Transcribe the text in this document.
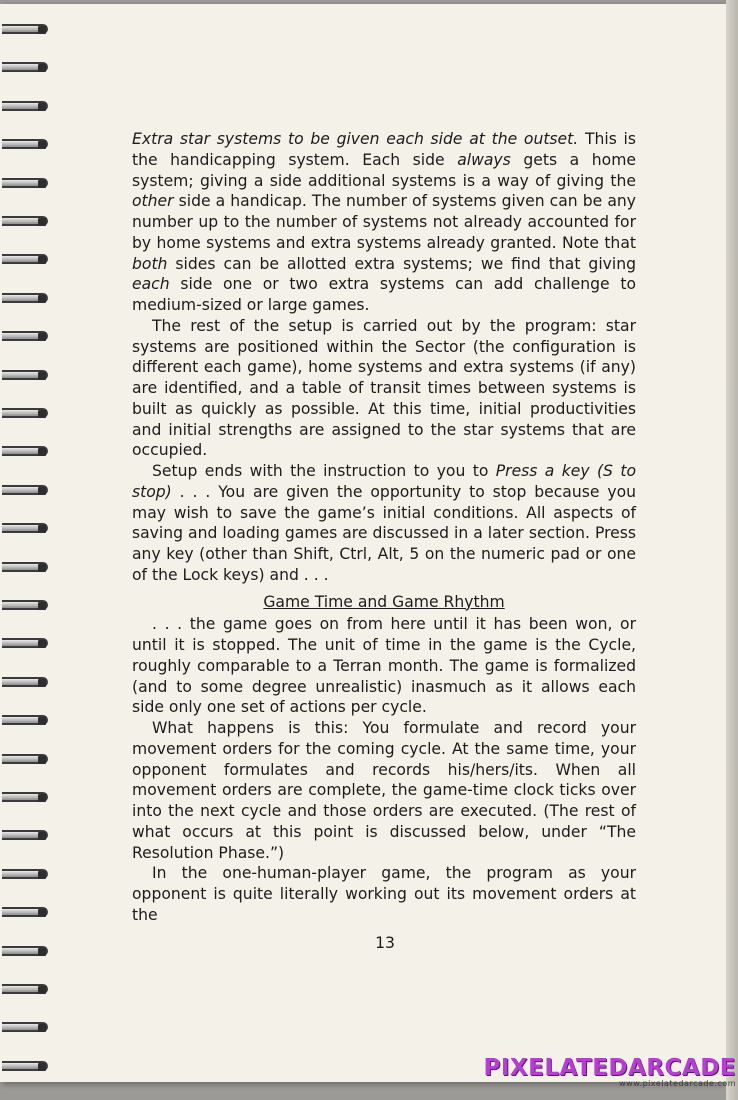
Extra star systems to be given each side at the outset. This is the handicapping system. Each side always gets a home system; giving a side additional systems is a way of giving the other side a handicap. The number of systems given can be any number up to the number of systems not already accounted for by home systems and extra systems already granted. Note that both sides can be allotted extra systems; we find that giving each side one or two extra systems can add challenge to medium-sized or large games.

The rest of the setup is carried out by the program: star systems are positioned within the Sector (the configuration is different each game), home systems and extra systems (if any) are identified, and a table of transit times between systems is built as quickly as possible. At this time, initial productivities and initial strengths are assigned to the star systems that are occupied.

Setup ends with the instruction to you to Press a key (S to stop) . . . You are given the opportunity to stop because you may wish to save the game’s initial conditions. All aspects of saving and loading games are discussed in a later section. Press any key (other than Shift, Ctrl, Alt, 5 on the numeric pad or one of the Lock keys) and . . .

Game Time and Game Rhythm

. . . the game goes on from here until it has been won, or until it is stopped. The unit of time in the game is the Cycle, roughly comparable to a Terran month. The game is formalized (and to some degree unrealistic) inasmuch as it allows each side only one set of actions per cycle.

What happens is this: You formulate and record your movement orders for the coming cycle. At the same time, your opponent formulates and records his/hers/its. When all movement orders are complete, the game-time clock ticks over into the next cycle and those orders are executed. (The rest of what occurs at this point is discussed below, under “The Resolution Phase.”)

In the one-human-player game, the program as your opponent is quite literally working out its movement orders at the

13
PIXELATEDARCADE
www.pixelatedarcade.com
